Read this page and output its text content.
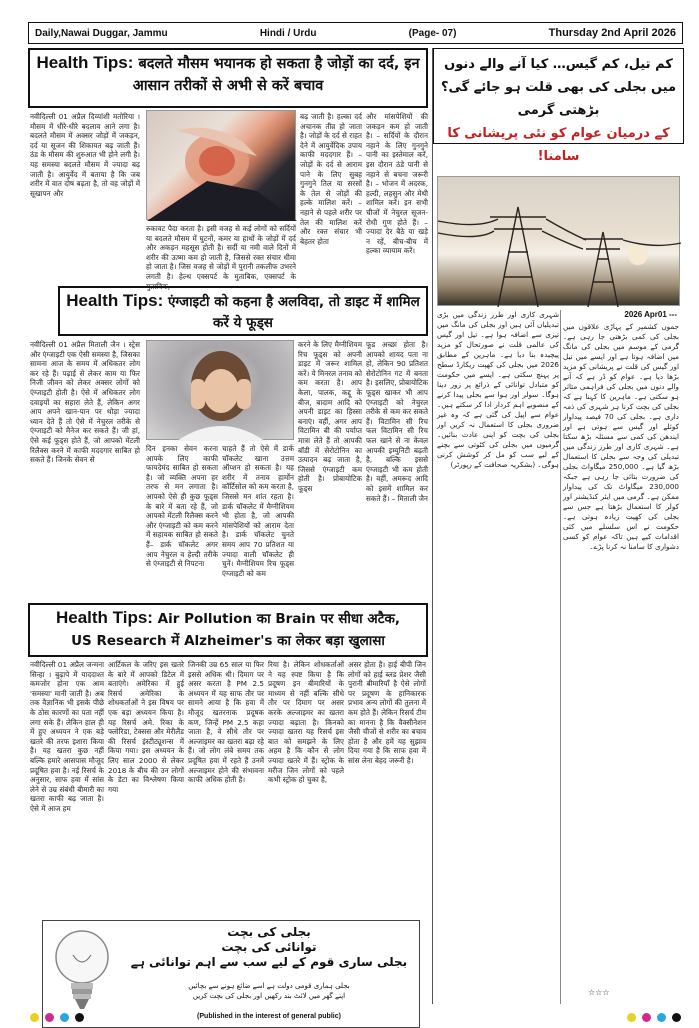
Daily,Nawai Duggar, Jammu	Hindi / Urdu	(Page- 07)	Thursday 2nd April 2026
Health Tips: बदलते मौसम भयानक हो सकता है जोड़ों का दर्द, इन आसान तरीकों से अभी से करें बचाव
नवीदिल्ली 01 अप्रैल दिव्यांशी मतोरिया । मौसम में धीरे-धीरे बदलाव आने लगा है। बदलते मौसम में अक्सर जोड़ों में जकड़न, दर्द या सूजन की शिकायत बढ़ जाती हैं। ठंड के मौसम की शुरुआत भी होने लगी है। यह समस्या बदलते मौसम में ज्यादा बढ़ जाती है। आयुर्वेद में बताया है कि जब शरीर में वात दोष बढ़ता है, तो वह जोड़ों में सूखापन और
रुकावट पैदा करता है। इसी वजह से कई लोगों को सर्दियों या बदलते मौसम में घुटनों, कमर या हाथों के जोड़ों में दर्द और अकड़न महसूस होती है। सर्दी या नमी वाले दिनों में शरीर की ऊष्मा कम हो जाती है, जिससे रक्त संचार धीमा हो जाता है। जिस वजह से जोड़ों में पुरानी तकलीफ उभरने लगती है। हेल्थ एक्सपर्ट के मुताबिक, एक्सपर्ट के मुताबिक,
बढ़ जाती है। हल्का दर्द अचानक तीव्र हो जाता है। जोड़ों के दर्द से राहत देने में आयुर्वेदिक उपाय काफी मददगार हैं। – जोड़ों के दर्द से आराम पाने के लिए सुबह गुनगुने तिल या सरसों के तेल से जोड़ों की हल्के मालिश करें। – नहाने से पहले शरीर पर तेल की मालिश करें और रक्त संचार भी बेहतर होता
और मांसपेशियों की जकड़न कम हो जाती है। – सर्दियों के दौरान नहाने के लिए गुनगुने पानी का इस्तेमाल करें, इस दौरान ठंडे पानी से नहाने से बचना जरूरी है। – भोजन में अदरक, हल्दी, लहसुन और मेथी शामिल करें। इन सभी चीजों में नेचुरल सूजन-रोधी गुण होते हैं। – ज्यादा देर बैठे या खड़े न रहें, बीच-बीच में हल्का व्यायाम करें।
Health Tips: एंग्जाइटी को कहना है अलविदा, तो डाइट में शामिल करें ये फूड्स
नवीदिल्ली 01 अप्रैल मिताली जैन । स्ट्रेस और एंग्जाइटी एक ऐसी समस्या है, जिसका सामना आज के समय में अधिकतर लोग कर रहे हैं। पढ़ाई से लेकर काम या फिर निजी जीवन को लेकर अक्सर लोगों को एंग्जाइटी होती है। ऐसे में अधिकतर लोग दवाइयों का सहारा लेते हैं, लेकिन अगर आप अपने खान-पान पर थोड़ा ज्यादा ध्यान देते हैं तो ऐसे में नेचुरल तरीके से एंग्जाइटी को मैनेज कर सकते हैं। जी हां, ऐसे कई फूड्स होते हैं, जो आपको मेंटली रिलैक्स करने में काफी मददगार साबित हो सकते हैं। जिनके सेवन से
दिन इनका सेवन करना आपके लिए काफी फायदेमंद साबित हो सकता है। जो व्यक्ति अपना हर तरफ से मन लगाता है। आपको ऐसे ही कुछ फूड्स के बारे में बता रहे हैं, जो आपको मेंटली रिलैक्स करने और एंग्जाइटी को कम करने में सहायक साबित हो सकते हैं– डार्क चॉकलेट अगर आप नेचुरल व हेल्दी तरीके से एंग्जाइटी से निपटना
चाहते हैं तो ऐसे में डार्क चॉकलेट खाना उत्तम ऑप्शन हो सकता है। यह शरीर में तनाव हार्मोन कॉर्टिसोल को कम करता है, जिससे मन शांत रहता है। डार्क चॉकलेट में मैग्नीशियम भी होता है, जो आपकी मांसपेशियों को आराम देता है। डार्क चॉकलेट चुनते समय आप 70 प्रतिशत या ज्यादा वाली चॉकलेट ही चुनें। मैग्नीशियम रिच फूड्स एंग्जाइटी को कम
करने के लिए मैग्नीशियम रिच फूड्स को अपनी डाइट में जरूर शामिल करें। ये मिनरल तनाव को कम करता है। आप केला, पालक, कद्दू के बीज, बादाम आदि को अपनी डाइट का हिस्सा बनाएं। वहीं, अगर आप विटामिन बी की पर्याप्त मात्रा लेते हैं तो आपकी बॉडी में सेरोटोनिन का उत्पादन बढ़ जाता है, जिससे एंग्जाइटी कम होती है। प्रोबायोटिक फूड्स
फूड अच्छा होता है। आपको शायद पता ना हो, लेकिन 90 प्रतिशत सेरोटोनिन गट में बनता है। इसलिए, प्रोबायोटिक फूड्स खाकर भी आप एंग्जाइटी को नेचुरल तरीके से कम कर सकते हैं। विटामिन सी रिच फल विटामिन सी रिच फल खाने से ना केवल आपकी इम्युनिटी बढ़ती है, बल्कि इससे एंग्जाइटी भी कम होती है। वहीं, अमरूद आदि को इसमें शामिल कर सकते हैं। – मिताली जैन
Health Tips: Air Pollution का Brain पर सीधा अटैक,
US Research में Alzheimer's का लेकर बड़ा खुलासा
नवीदिल्ली 01 अप्रैल जन्मना सिन्हा । बुढ़ापे में याददाश्त कमजोर होना एक आम 'समस्या' मानी जाती है। अब तक वैज्ञानिक भी इसके पीछे के ठोस कारणों का पता नहीं लगा सके हैं। लेकिन हाल ही में हुए अध्ययन ने एक बड़े खतरे की तरफ इशारा किया है। यह खतरा कुछ नहीं बल्कि हमारे आसपास मौजूद प्रदूषित हवा है। नई रिसर्च के अनुसार, साफ हवा में सांस लेने से उम्र संबंधी बीमारी का खतरा काफी बढ़ जाता है। ऐसे में आज हम
आर्टिकल के जरिए इस खतरे के बारे में आपको डिटेल में बताएंगे। अमेरिका में हुई रिसर्च अमेरिका के शोधकर्ताओं ने इस विषय पर एक बड़ा अध्ययन किया है। यह रिसर्च अमे. रिका के फ्लोरिडा, टेक्सस और मेरीलैंड की रिसर्च इंस्टीट्यूशन्स में किया गया। इस अध्ययन के लिए साल 2000 से लेकर 2018 के बीच की उन लोगों के डेटा का विश्लेषण किया गया
जिनकी उम्र 65 साल या फिर इससे अधिक थी। दिमाग पर असर करता है PM 2.5 अध्ययन में यह साफ तौर पर सामने आया है कि हवा में मौजूद खतरनाक प्रदूषक कण, जिन्हें PM 2.5 कहा जाता है, वे सीधे तौर पर अल्जाइमर का खतरा बढ़ा रहे हैं। जो लोग लंबे समय तक प्रदूषित हवा में रहते हैं उनमें अल्जाइमर होने की संभावना काफी अधिक होती है।
रिया है। लेकिन शोधकर्ताओं ने यह स्पष्ट किया है कि प्रदूषण इन बीमारियों के माध्यम से नहीं बल्कि सीधे तौर पर दिमाग पर असर करके अल्जाइमर का खतरा ज्यादा बढ़ाता है। किनको ज्यादा खतरा यह रिसर्च इस बात को समझने के लिए अहम है कि कौन से लोग ज्यादा खतरे में हैं। स्ट्रोक के मरीज जिन लोगों को पहले कभी स्ट्रोक हो चुका है,
असर होता है। हाई बीपी जिन लोगों को हाई ब्लड प्रेशर जैसी पुरानी बीमारियाँ है ऐसे लोगों पर प्रदूषण के हानिकारक प्रभाव अन्य लोगों की तुलना में कम होते हैं। लेकिन रिसर्च टीम का मानना है कि वैक्सीनेशन जैसी चीजों से शरीर का बचाव होता है और हमें यह सुझाव दिया गया है कि साफ हवा में सांस लेना बेहद जरूरी है।
بجلی کی بچت
توانائی کی بچت
بجلی ساری قوم کے لیے سب سے اہم توانائی ہے
بجلی ہماری قومی دولت ہے اسے ضائع ہونے سے بچائیں
اپنے گھر میں لائٹ بند رکھیں اور بجلی کی بچت کریں
(Published in the interest of general public)
کم تیل، کم گیس… کیا آنے والے دنوں
میں بجلی کی بھی قلت ہو جائے گی؟ بڑھتی گرمی
کے درمیان عوام کو نئی پریشانی کا سامنا!
شہری کاری اور طرز زندگی میں بڑی تبدیلیاں آئی ہیں اور بجلی کی مانگ میں تیزی سے اضافہ ہوا ہے۔ تیل اور گیس کی عالمی قلت نے صورتحال کو مزید پیچیدہ بنا دیا ہے۔ ماہرین کے مطابق 2026 میں بجلی کی کھپت ریکارڈ سطح پر پہنچ سکتی ہے۔ ایسے میں حکومت کو متبادل توانائی کے ذرائع پر زور دینا ہوگا۔ سولر اور ہوا سے بجلی پیدا کرنے کے منصوبے اہم کردار ادا کر سکتے ہیں۔ عوام سے اپیل کی گئی ہے کہ وہ غیر ضروری بجلی کا استعمال نہ کریں اور بجلی کی بچت کو اپنی عادت بنائیں۔ گرمیوں میں بجلی کی کٹوتی سے بچنے کے لیے سب کو مل کر کوشش کرنی ہوگی۔ (بشکریہ صحافت کے رپورٹر)
2026 Apr01 ---
جموں کشمیر کے پہاڑی علاقوں میں بجلی کی کمی بڑھتی جا رہی ہے۔ گرمی کے موسم میں بجلی کی مانگ میں اضافہ ہوتا ہے اور ایسے میں تیل اور گیس کی قلت نے پریشانی کو مزید بڑھا دیا ہے۔ عوام کو ڈر ہے کہ آنے والے دنوں میں بجلی کی فراہمی متاثر ہو سکتی ہے۔ ماہرین کا کہنا ہے کہ بجلی کی بچت کرنا ہر شہری کی ذمہ داری ہے۔ بجلی کی 70 فیصد پیداوار کوئلے اور گیس سے ہوتی ہے اور ایندھن کی کمی سے مسئلہ بڑھ سکتا ہے۔ شہری کاری اور طرز زندگی میں تبدیلی کی وجہ سے بجلی کا استعمال بڑھ گیا ہے۔ 250,000 میگاواٹ بجلی کی ضرورت بتائی جا رہی ہے جبکہ 230,000 میگاواٹ تک کی پیداوار ممکن ہے۔ گرمی میں ایئر کنڈیشنر اور کولر کا استعمال بڑھتا ہے جس سے بجلی کی کھپت زیادہ ہوتی ہے۔ حکومت نے اس سلسلے میں کئی اقدامات کیے ہیں تاکہ عوام کو کسی دشواری کا سامنا نہ کرنا پڑے۔
☆☆☆
